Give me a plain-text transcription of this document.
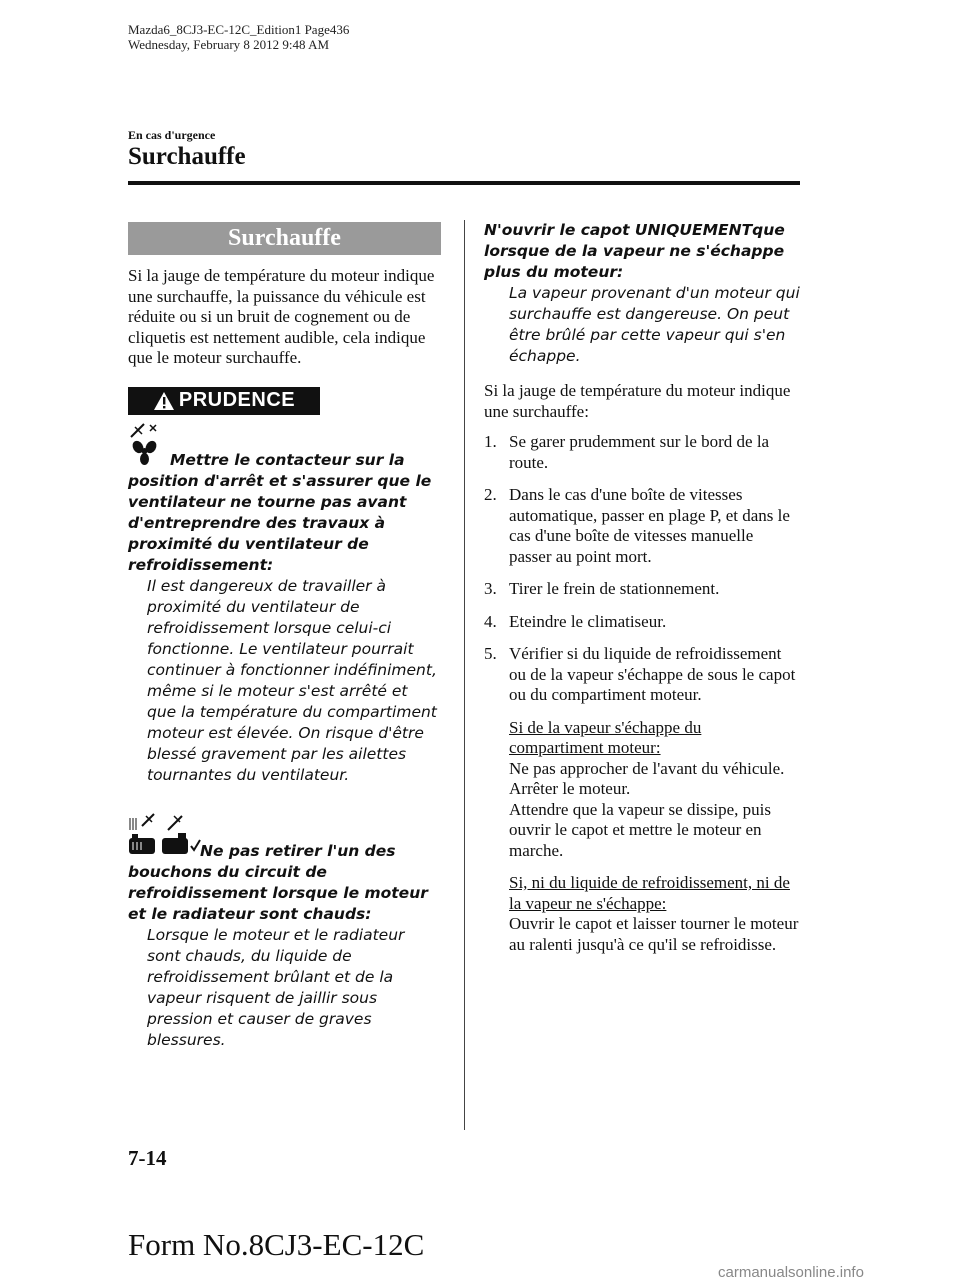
Mazda6_8CJ3-EC-12C_Edition1 Page436
Wednesday, February 8 2012 9:48 AM
En cas d'urgence
Surchauffe
Surchauffe

Si la jauge de température du moteur indique une surchauffe, la puissance du véhicule est réduite ou si un bruit de cognement ou de cliquetis est nettement audible, cela indique que le moteur surchauffe.

PRUDENCE

Mettre le contacteur sur la position d'arrêt et s'assurer que le ventilateur ne tourne pas avant d'entreprendre des travaux à proximité du ventilateur de refroidissement:

Il est dangereux de travailler à proximité du ventilateur de refroidissement lorsque celui-ci fonctionne. Le ventilateur pourrait continuer à fonctionner indéfiniment, même si le moteur s'est arrêté et que la température du compartiment moteur est élevée. On risque d'être blessé gravement par les ailettes tournantes du ventilateur.

Ne pas retirer l'un des bouchons du circuit de refroidissement lorsque le moteur et le radiateur sont chauds:

Lorsque le moteur et le radiateur sont chauds, du liquide de refroidissement brûlant et de la vapeur risquent de jaillir sous pression et causer de graves blessures.

N'ouvrir le capot UNIQUEMENTque lorsque de la vapeur ne s'échappe plus du moteur:

La vapeur provenant d'un moteur qui surchauffe est dangereuse. On peut être brûlé par cette vapeur qui s'en échappe.

Si la jauge de température du moteur indique une surchauffe:

1. Se garer prudemment sur le bord de la route.
2. Dans le cas d'une boîte de vitesses automatique, passer en plage P, et dans le cas d'une boîte de vitesses manuelle passer au point mort.
3. Tirer le frein de stationnement.
4. Eteindre le climatiseur.
5. Vérifier si du liquide de refroidissement ou de la vapeur s'échappe de sous le capot ou du compartiment moteur.

Si de la vapeur s'échappe du compartiment moteur:

Ne pas approcher de l'avant du véhicule. Arrêter le moteur.

Attendre que la vapeur se dissipe, puis ouvrir le capot et mettre le moteur en marche.

Si, ni du liquide de refroidissement, ni de la vapeur ne s'échappe:

Ouvrir le capot et laisser tourner le moteur au ralenti jusqu'à ce qu'il se refroidisse.

7-14
Form No.8CJ3-EC-12C
carmanualsonline.info
